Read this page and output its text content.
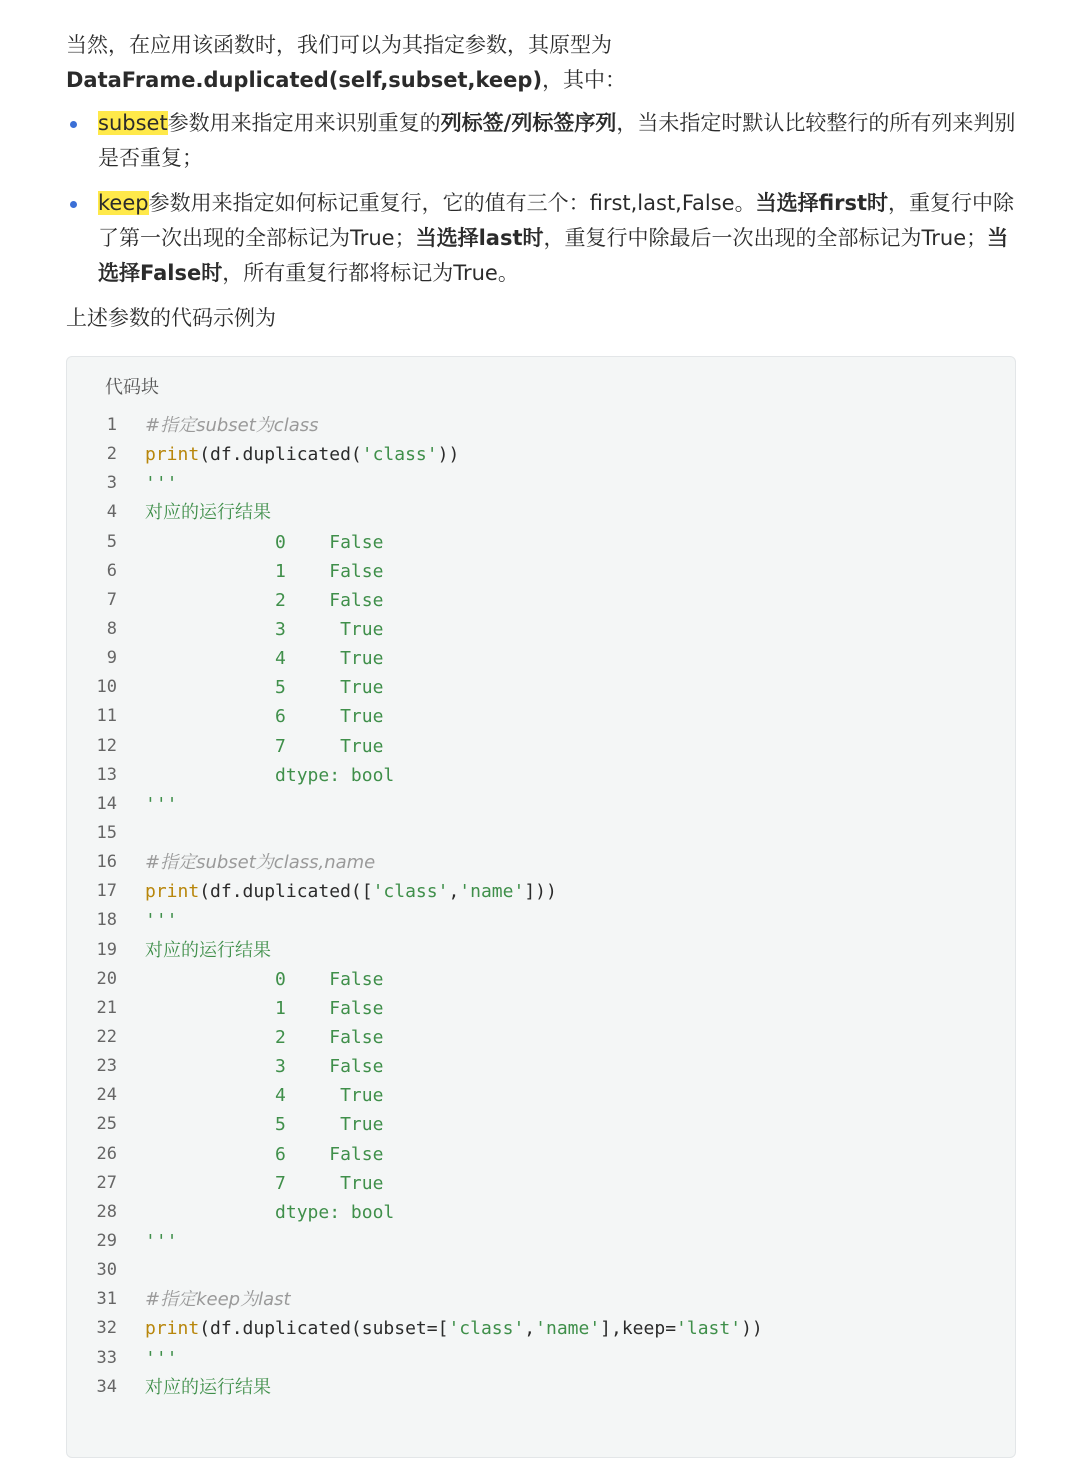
当然，在应用该函数时，我们可以为其指定参数，其原型为
DataFrame.duplicated(self,subset,keep)，其中：

subset参数用来指定用来识别重复的列标签/列标签序列，当未指定时默认比较整行的所有列来判别是否重复；
keep参数用来指定如何标记重复行，它的值有三个：first,last,False。当选择first时，重复行中除了第一次出现的全部标记为True；当选择last时，重复行中除最后一次出现的全部标记为True；当选择False时，所有重复行都将标记为True。

上述参数的代码示例为

代码块
1 #指定subset为class
2 print(df.duplicated('class'))
3 '''
4 对应的运行结果
5 0    False
6 1    False
7 2    False
8 3     True
9 4     True
10 5     True
11 6     True
12 7     True
13 dtype: bool
14 '''
15
16 #指定subset为class,name
17 print(df.duplicated(['class','name']))
18 '''
19 对应的运行结果
20 0    False
21 1    False
22 2    False
23 3    False
24 4     True
25 5     True
26 6    False
27 7     True
28 dtype: bool
29 '''
30
31 #指定keep为last
32 print(df.duplicated(subset=['class','name'],keep='last'))
33 '''
34 对应的运行结果
